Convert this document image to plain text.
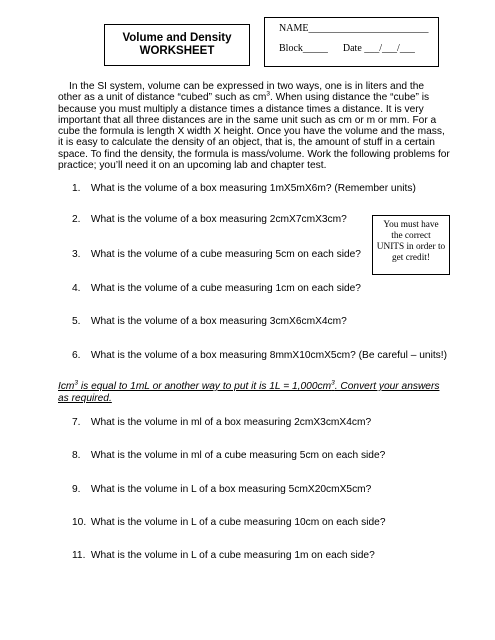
Volume and Density
WORKSHEET
NAME________________________
Block_____ Date ___/___/___
In the SI system, volume can be expressed in two ways, one is in liters and the other as a unit of distance “cubed” such as $cm^3$. When using distance the “cube” is because you must multiply a distance times a distance times a distance. It is very important that all three distances are in the same unit such as cm or m or mm. For a cube the formula is length X width X height. Once you have the volume and the mass, it is easy to calculate the density of an object, that is, the amount of stuff in a certain space. To find the density, the formula is mass/volume. Work the following problems for practice; you’ll need it on an upcoming lab and chapter test.
1. What is the volume of a box measuring 1mX5mX6m? (Remember units)
2. What is the volume of a box measuring 2cmX7cmX3cm?
3. What is the volume of a cube measuring 5cm on each side?
4. What is the volume of a cube measuring 1cm on each side?
5. What is the volume of a box measuring 3cmX6cmX4cm?
6. What is the volume of a box measuring 8mmX10cmX5cm? (Be careful – units!)
You must have
the correct
UNITS in order to
get credit!
Icm$^3$ is equal to 1mL or another way to put it is $1L = 1,000cm^3$. Convert your answers as required.
7. What is the volume in ml of a box measuring 2cmX3cmX4cm?
8. What is the volume in ml of a cube measuring 5cm on each side?
9. What is the volume in L of a box measuring 5cmX20cmX5cm?
10. What is the volume in L of a cube measuring 10cm on each side?
11. What is the volume in L of a cube measuring 1m on each side?
